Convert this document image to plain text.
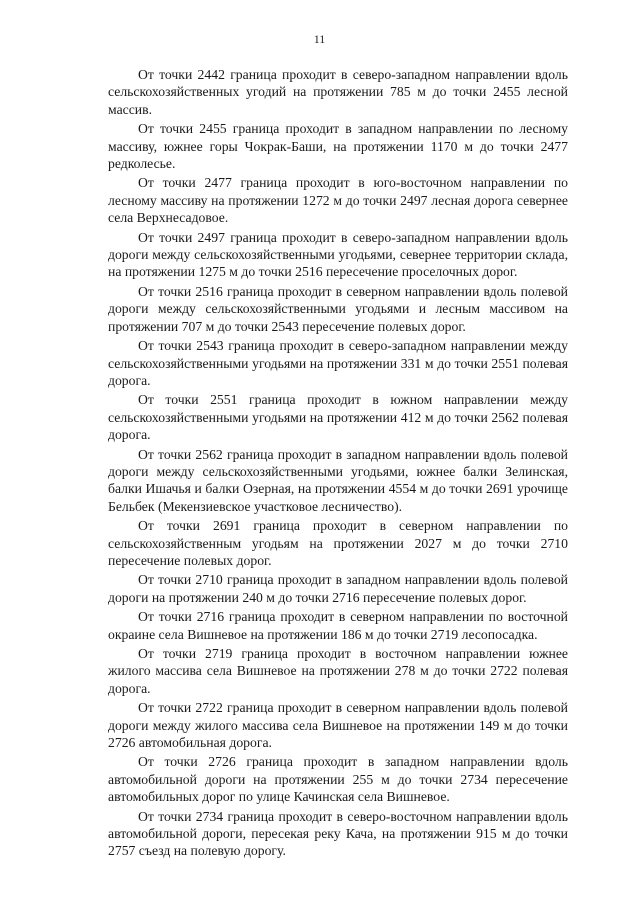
11

От точки 2442 граница проходит в северо-западном направлении вдоль сельскохозяйственных угодий на протяжении 785 м до точки 2455 лесной массив.

От точки 2455 граница проходит в западном направлении по лесному массиву, южнее горы Чокрак-Баши, на протяжении 1170 м до точки 2477 редколесье.

От точки 2477 граница проходит в юго-восточном направлении по лесному массиву на протяжении 1272 м до точки 2497 лесная дорога севернее села Верхнесадовое.

От точки 2497 граница проходит в северо-западном направлении вдоль дороги между сельскохозяйственными угодьями, севернее территории склада, на протяжении 1275 м до точки 2516 пересечение проселочных дорог.

От точки 2516 граница проходит в северном направлении вдоль полевой дороги между сельскохозяйственными угодьями и лесным массивом на протяжении 707 м до точки 2543 пересечение полевых дорог.

От точки 2543 граница проходит в северо-западном направлении между сельскохозяйственными угодьями на протяжении 331 м до точки 2551 полевая дорога.

От точки 2551 граница проходит в южном направлении между сельскохозяйственными угодьями на протяжении 412 м до точки 2562 полевая дорога.

От точки 2562 граница проходит в западном направлении вдоль полевой дороги между сельскохозяйственными угодьями, южнее балки Зелинская, балки Ишачья и балки Озерная, на протяжении 4554 м до точки 2691 урочище Бельбек (Мекензиевское участковое лесничество).

От точки 2691 граница проходит в северном направлении по сельскохозяйственным угодьям на протяжении 2027 м до точки 2710 пересечение полевых дорог.

От точки 2710 граница проходит в западном направлении вдоль полевой дороги на протяжении 240 м до точки 2716 пересечение полевых дорог.

От точки 2716 граница проходит в северном направлении по восточной окраине села Вишневое на протяжении 186 м до точки 2719 лесопосадка.

От точки 2719 граница проходит в восточном направлении южнее жилого массива села Вишневое на протяжении 278 м до точки 2722 полевая дорога.

От точки 2722 граница проходит в северном направлении вдоль полевой дороги между жилого массива села Вишневое на протяжении 149 м до точки 2726 автомобильная дорога.

От точки 2726 граница проходит в западном направлении вдоль автомобильной дороги на протяжении 255 м до точки 2734 пересечение автомобильных дорог по улице Качинская села Вишневое.

От точки 2734 граница проходит в северо-восточном направлении вдоль автомобильной дороги, пересекая реку Кача, на протяжении 915 м до точки 2757 съезд на полевую дорогу.
